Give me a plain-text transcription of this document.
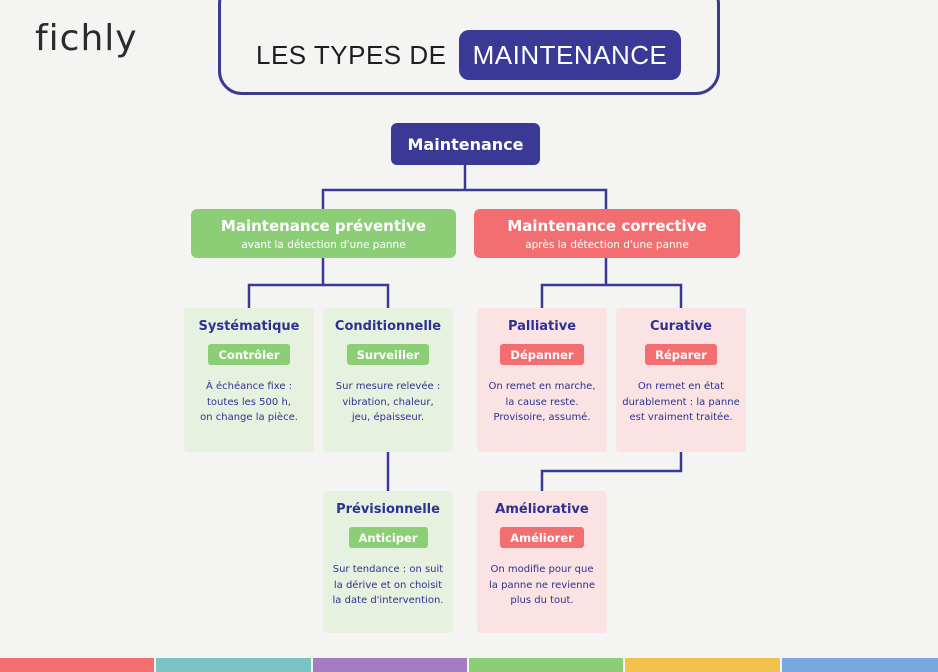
fichly	LES TYPES DE	MAINTENANCE
Maintenance
Maintenance préventive
avant la détection d'une panne
Maintenance corrective
après la détection d'une panne
Systématique
Contrôler
À échéance fixe :
toutes les 500 h,
on change la pièce.
Conditionnelle
Surveiller
Sur mesure relevée :
vibration, chaleur,
jeu, épaisseur.
Palliative
Dépanner
On remet en marche,
la cause reste.
Provisoire, assumé.
Curative
Réparer
On remet en état
durablement : la panne
est vraiment traitée.
Prévisionnelle
Anticiper
Sur tendance : on suit
la dérive et on choisit
la date d'intervention.
Améliorative
Améliorer
On modifie pour que
la panne ne revienne
plus du tout.
